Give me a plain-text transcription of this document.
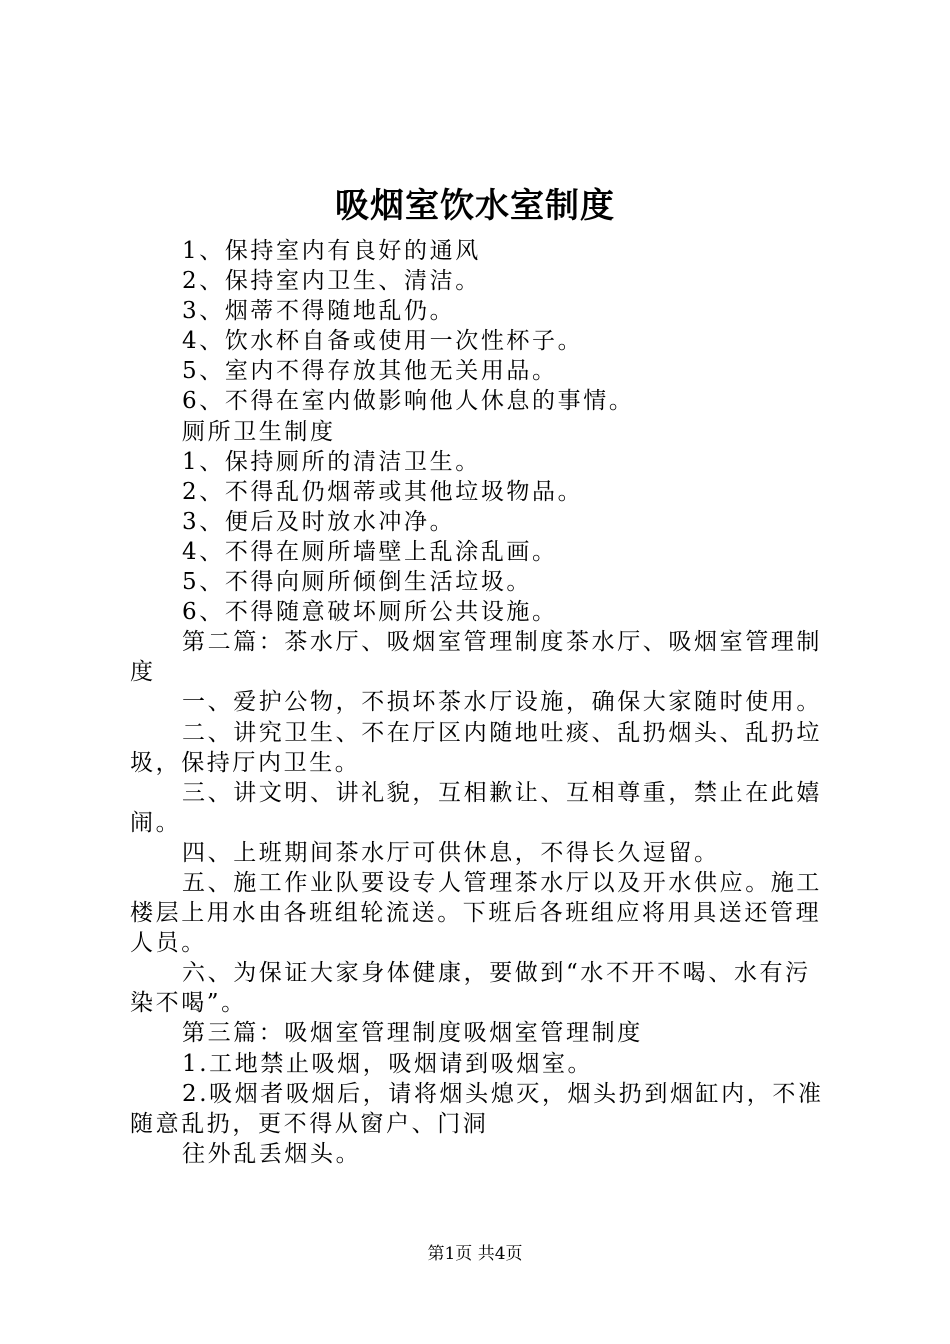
吸烟室饮水室制度

1、保持室内有良好的通风

2、保持室内卫生、清洁。

3、烟蒂不得随地乱仍。

4、饮水杯自备或使用一次性杯子。

5、室内不得存放其他无关用品。

6、不得在室内做影响他人休息的事情。

厕所卫生制度

1、保持厕所的清洁卫生。

2、不得乱仍烟蒂或其他垃圾物品。

3、便后及时放水冲净。

4、不得在厕所墙壁上乱涂乱画。

5、不得向厕所倾倒生活垃圾。

6、不得随意破坏厕所公共设施。

第二篇：茶水厅、吸烟室管理制度茶水厅、吸烟室管理制度

一、爱护公物，不损坏茶水厅设施，确保大家随时使用。

二、讲究卫生、不在厅区内随地吐痰、乱扔烟头、乱扔垃圾，保持厅内卫生。

三、讲文明、讲礼貌，互相歉让、互相尊重，禁止在此嬉闹。

四、上班期间茶水厅可供休息，不得长久逗留。

五、施工作业队要设专人管理茶水厅以及开水供应。施工楼层上用水由各班组轮流送。下班后各班组应将用具送还管理人员。

六、为保证大家身体健康，要做到“水不开不喝、水有污染不喝”。

第三篇：吸烟室管理制度吸烟室管理制度

1.工地禁止吸烟，吸烟请到吸烟室。

2.吸烟者吸烟后，请将烟头熄灭，烟头扔到烟缸内，不准随意乱扔，更不得从窗户、门洞

往外乱丢烟头。

第1页 共4页
